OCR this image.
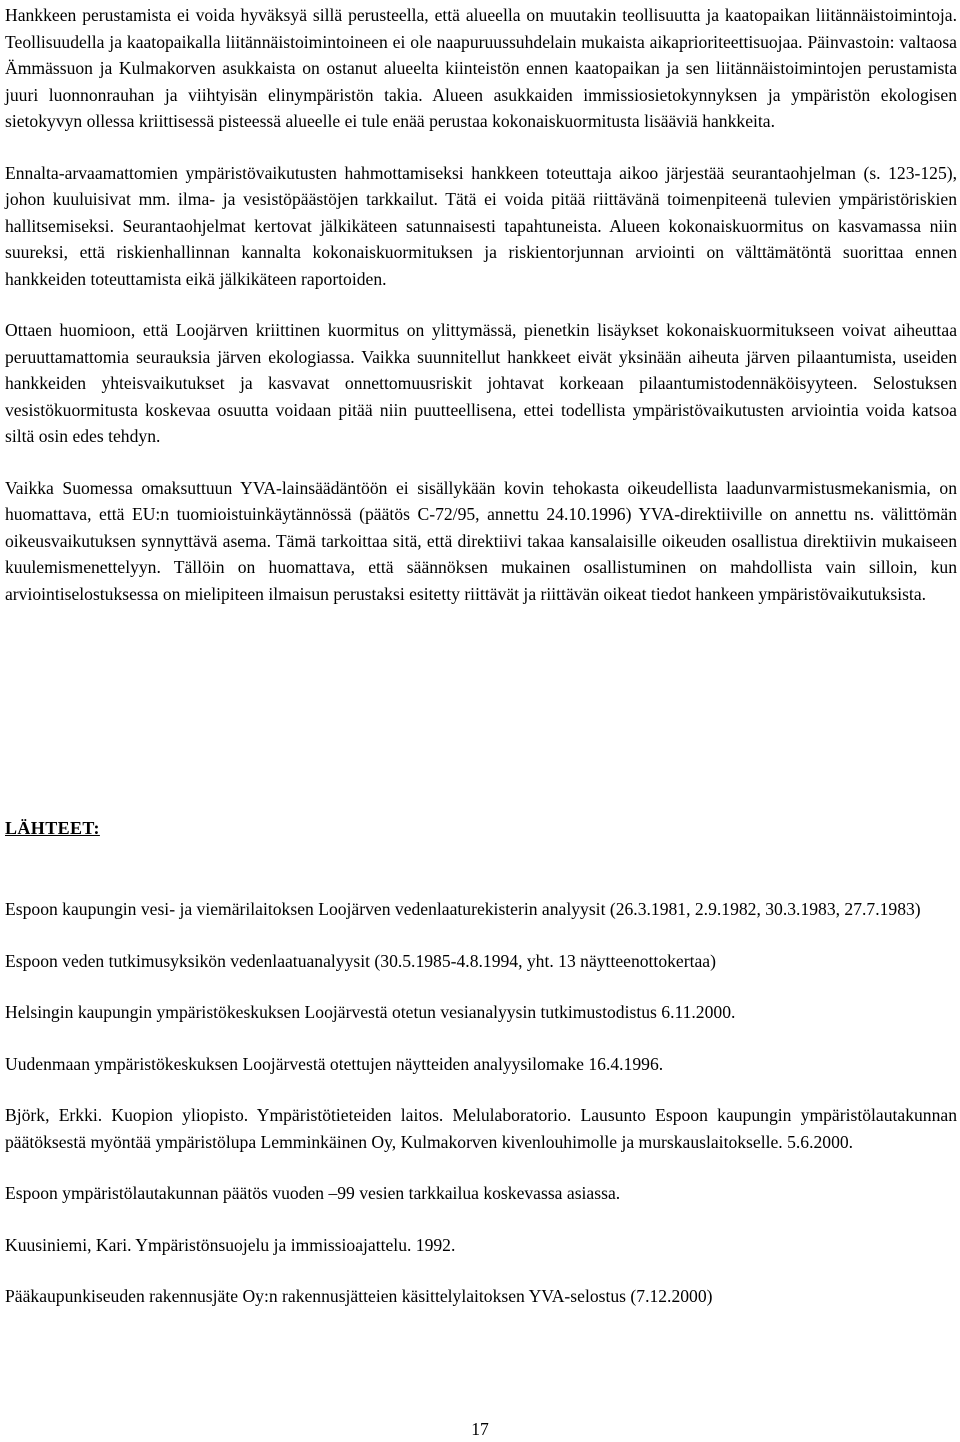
Hankkeen perustamista ei voida hyväksyä sillä perusteella, että alueella on muutakin teollisuutta ja kaatopaikan liitännäistoimintoja. Teollisuudella ja kaatopaikalla liitännäistoimintoineen ei ole naapuruussuhdelain mukaista aikaprioriteettisuojaa. Päinvastoin: valtaosa Ämmässuon ja Kulmakorven asukkaista on ostanut alueelta kiinteistön ennen kaatopaikan ja sen liitännäistoimintojen perustamista juuri luonnonrauhan ja viihtyisän elinympäristön takia. Alueen asukkaiden immissiosietokynnyksen ja ympäristön ekologisen sietokyvyn ollessa kriittisessä pisteessä alueelle ei tule enää perustaa kokonaiskuormitusta lisääviä hankkeita.

Ennalta-arvaamattomien ympäristövaikutusten hahmottamiseksi hankkeen toteuttaja aikoo järjestää seurantaohjelman (s. 123-125), johon kuuluisivat mm. ilma- ja vesistöpäästöjen tarkkailut. Tätä ei voida pitää riittävänä toimenpiteenä tulevien ympäristöriskien hallitsemiseksi. Seurantaohjelmat kertovat jälkikäteen satunnaisesti tapahtuneista. Alueen kokonaiskuormitus on kasvamassa niin suureksi, että riskienhallinnan kannalta kokonaiskuormituksen ja riskientorjunnan arviointi on välttämätöntä suorittaa ennen hankkeiden toteuttamista eikä jälkikäteen raportoiden.

Ottaen huomioon, että Loojärven kriittinen kuormitus on ylittymässä, pienetkin lisäykset kokonaiskuormitukseen voivat aiheuttaa peruuttamattomia seurauksia järven ekologiassa. Vaikka suunnitellut hankkeet eivät yksinään aiheuta järven pilaantumista, useiden hankkeiden yhteisvaikutukset ja kasvavat onnettomuusriskit johtavat korkeaan pilaantumistodennäköisyyteen. Selostuksen vesistökuormitusta koskevaa osuutta voidaan pitää niin puutteellisena, ettei todellista ympäristövaikutusten arviointia voida katsoa siltä osin edes tehdyn.

Vaikka Suomessa omaksuttuun YVA-lainsäädäntöön ei sisällykään kovin tehokasta oikeudellista laadunvarmistusmekanismia, on huomattava, että EU:n tuomioistuinkäytännössä (päätös C-72/95, annettu 24.10.1996) YVA-direktiiville on annettu ns. välittömän oikeusvaikutuksen synnyttävä asema. Tämä tarkoittaa sitä, että direktiivi takaa kansalaisille oikeuden osallistua direktiivin mukaiseen kuulemismenettelyyn. Tällöin on huomattava, että säännöksen mukainen osallistuminen on mahdollista vain silloin, kun arviointiselostuksessa on mielipiteen ilmaisun perustaksi esitetty riittävät ja riittävän oikeat tiedot hankeen ympäristövaikutuksista.

LÄHTEET:

Espoon kaupungin vesi- ja viemärilaitoksen Loojärven vedenlaaturekisterin analyysit (26.3.1981, 2.9.1982, 30.3.1983, 27.7.1983)

Espoon veden tutkimusyksikön vedenlaatuanalyysit (30.5.1985-4.8.1994, yht. 13 näytteenottokertaa)

Helsingin kaupungin ympäristökeskuksen Loojärvestä otetun vesianalyysin tutkimustodistus 6.11.2000.

Uudenmaan ympäristökeskuksen Loojärvestä otettujen näytteiden analyysilomake 16.4.1996.

Björk, Erkki. Kuopion yliopisto. Ympäristötieteiden laitos. Melulaboratorio. Lausunto Espoon kaupungin ympäristölautakunnan päätöksestä myöntää ympäristölupa Lemminkäinen Oy, Kulmakorven kivenlouhimolle ja murskauslaitokselle. 5.6.2000.

Espoon ympäristölautakunnan päätös vuoden –99 vesien tarkkailua koskevassa asiassa.

Kuusiniemi, Kari. Ympäristönsuojelu ja immissioajattelu. 1992.

Pääkaupunkiseuden rakennusjäte Oy:n rakennusjätteien käsittelylaitoksen YVA-selostus (7.12.2000)

17
